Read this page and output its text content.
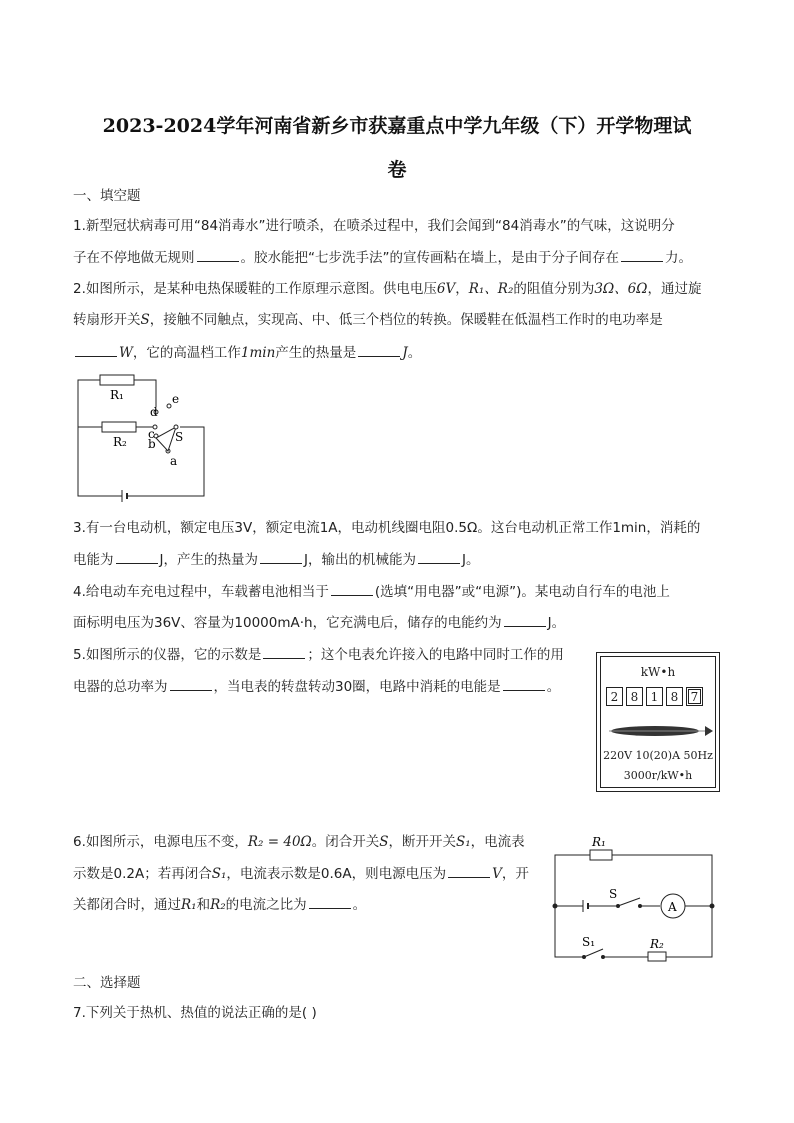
2023-2024学年河南省新乡市获嘉重点中学九年级（下）开学物理试
卷
一、填空题
1.新型冠状病毒可用“84消毒水”进行喷杀，在喷杀过程中，我们会闻到“84消毒水”的气味，这说明分
子在不停地做无规则	。胶水能把“七步洗手法”的宣传画粘在墙上，是由于分子间存在	力。
2.如图所示，是某种电热保暖鞋的工作原理示意图。供电电压6V，R₁、R₂的阻值分别为3Ω、6Ω，通过旋
转扇形开关S，接触不同触点，实现高、中、低三个档位的转换。保暖鞋在低温档工作时的电功率是
W，它的高温档工作1min产生的热量是	J。
R₁
R₂
d
e
c
b S
a
3.有一台电动机，额定电压3V，额定电流1A，电动机线圈电阻0.5Ω。这台电动机正常工作1min，消耗的
电能为	J，产生的热量为	J，输出的机械能为	J。
4.给电动车充电过程中，车载蓄电池相当于	(选填“用电器”或“电源”)。某电动自行车的电池上
面标明电压为36V、容量为10000mA·h，它充满电后，储存的电能约为	J。
5.如图所示的仪器，它的示数是	；这个电表允许接入的电路中同时工作的用
电器的总功率为	，当电表的转盘转动30圈，电路中消耗的电能是	。
kW•h
2	8	1	8	7
220V 10(20)A 50Hz
3000r/kW•h
6.如图所示，电源电压不变，R₂ = 40Ω。闭合开关S，断开开关S₁，电流表
示数是0.2A；若再闭合S₁，电流表示数是0.6A，则电源电压为	V，开
关都闭合时，通过R₁和R₂的电流之比为	。
R₁
S
A
S₁	R₂
二、选择题
7.下列关于热机、热值的说法正确的是( )
